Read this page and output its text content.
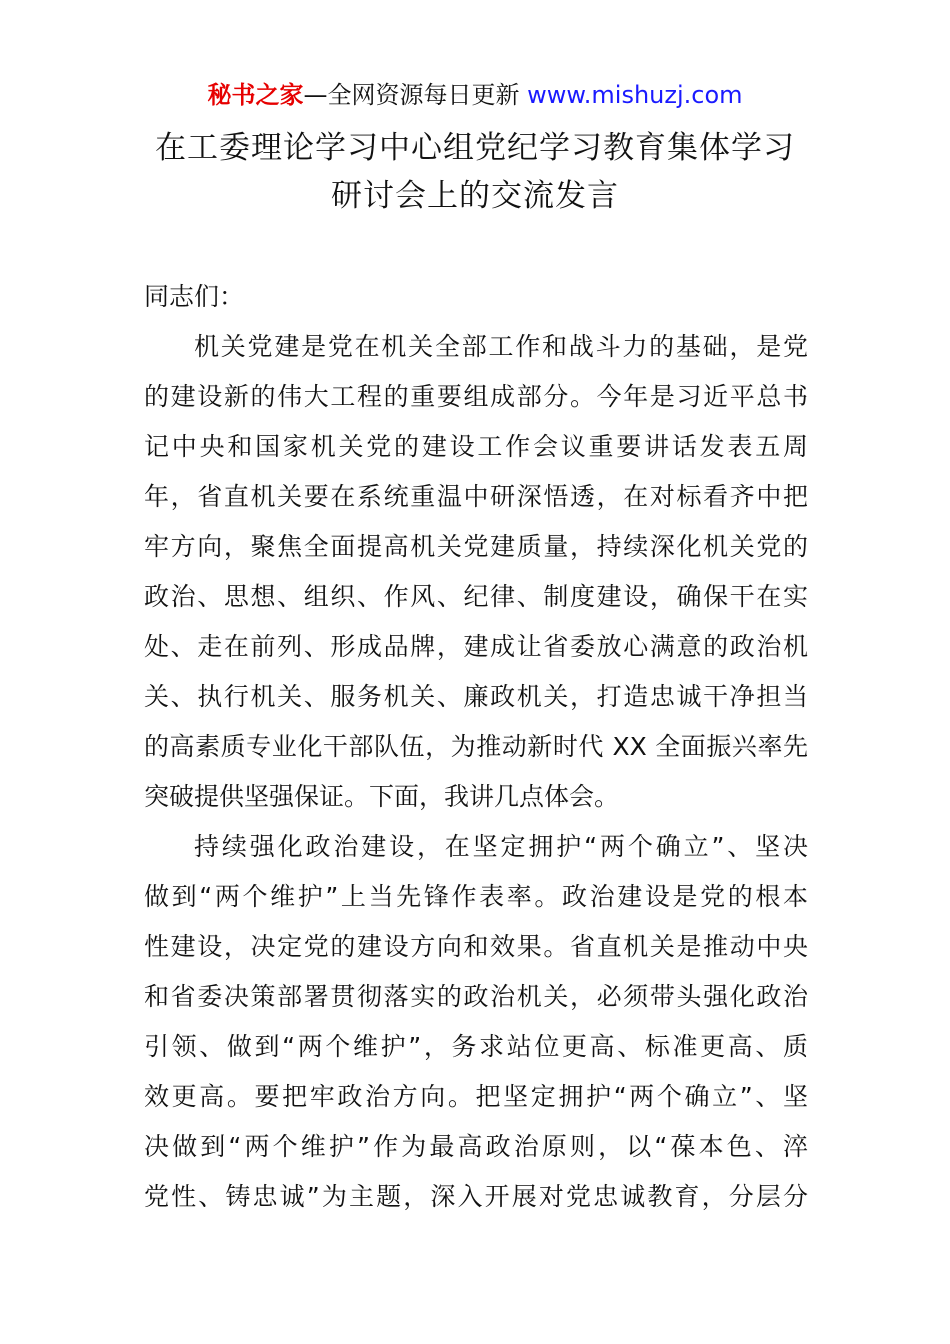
秘书之家—全网资源每日更新 www.mishuzj.com
在工委理论学习中心组党纪学习教育集体学习
研讨会上的交流发言
同志们：
机关党建是党在机关全部工作和战斗力的基础，是党
的建设新的伟大工程的重要组成部分。今年是习近平总书
记中央和国家机关党的建设工作会议重要讲话发表五周
年，省直机关要在系统重温中研深悟透，在对标看齐中把
牢方向，聚焦全面提高机关党建质量，持续深化机关党的
政治、思想、组织、作风、纪律、制度建设，确保干在实
处、走在前列、形成品牌，建成让省委放心满意的政治机
关、执行机关、服务机关、廉政机关，打造忠诚干净担当
的高素质专业化干部队伍，为推动新时代 XX 全面振兴率先
突破提供坚强保证。下面，我讲几点体会。
持续强化政治建设，在坚定拥护“两个确立”、坚决
做到“两个维护”上当先锋作表率。政治建设是党的根本
性建设，决定党的建设方向和效果。省直机关是推动中央
和省委决策部署贯彻落实的政治机关，必须带头强化政治
引领、做到“两个维护”，务求站位更高、标准更高、质
效更高。要把牢政治方向。把坚定拥护“两个确立”、坚
决做到“两个维护”作为最高政治原则，以“葆本色、淬
党性、铸忠诚”为主题，深入开展对党忠诚教育，分层分
